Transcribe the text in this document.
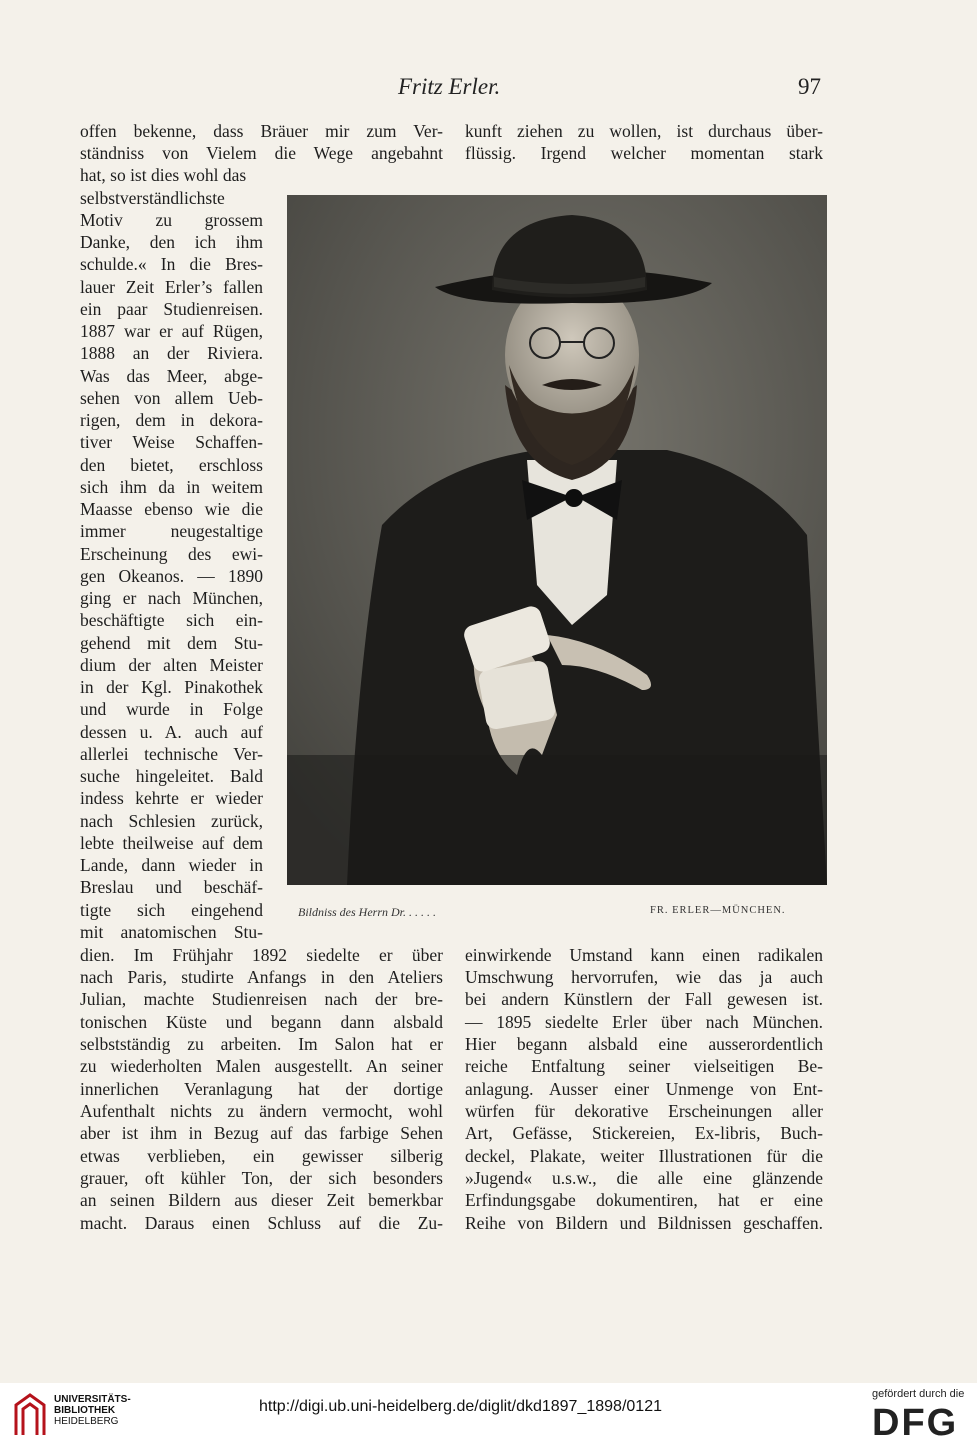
Fritz Erler.	97
offen bekenne, dass Bräuer mir zum Ver-
ständniss von Vielem die Wege angebahnt
hat, so ist dies wohl das
selbstverständlichste
Motiv zu grossem
Danke, den ich ihm
schulde.« In die Bres-
lauer Zeit Erler’s fallen
ein paar Studienreisen.
1887 war er auf Rügen,
1888 an der Riviera.
Was das Meer, abge-
sehen von allem Ueb-
rigen, dem in dekora-
tiver Weise Schaffen-
den bietet, erschloss
sich ihm da in weitem
Maasse ebenso wie die
immer neugestaltige
Erscheinung des ewi-
gen Okeanos. — 1890
ging er nach München,
beschäftigte sich ein-
gehend mit dem Stu-
dium der alten Meister
in der Kgl. Pinakothek
und wurde in Folge
dessen u. A. auch auf
allerlei technische Ver-
suche hingeleitet. Bald
indess kehrte er wieder
nach Schlesien zurück,
lebte theilweise auf dem
Lande, dann wieder in
Breslau und beschäf-
tigte sich eingehend
mit anatomischen Stu-
dien. Im Frühjahr 1892 siedelte er über
nach Paris, studirte Anfangs in den Ateliers
Julian, machte Studienreisen nach der bre-
tonischen Küste und begann dann alsbald
selbstständig zu arbeiten. Im Salon hat er
zu wiederholten Malen ausgestellt. An seiner
innerlichen Veranlagung hat der dortige
Aufenthalt nichts zu ändern vermocht, wohl
aber ist ihm in Bezug auf das farbige Sehen
etwas verblieben, ein gewisser silberig
grauer, oft kühler Ton, der sich besonders
an seinen Bildern aus dieser Zeit bemerkbar
macht. Daraus einen Schluss auf die Zu-
kunft ziehen zu wollen, ist durchaus über-
flüssig. Irgend welcher momentan stark
Bildniss des Herrn Dr. . . . . .	FR. ERLER—MÜNCHEN.
einwirkende Umstand kann einen radikalen
Umschwung hervorrufen, wie das ja auch
bei andern Künstlern der Fall gewesen ist.
— 1895 siedelte Erler über nach München.
Hier begann alsbald eine ausserordentlich
reiche Entfaltung seiner vielseitigen Be-
anlagung. Ausser einer Unmenge von Ent-
würfen für dekorative Erscheinungen aller
Art, Gefässe, Stickereien, Ex-libris, Buch-
deckel, Plakate, weiter Illustrationen für die
»Jugend« u.s.w., die alle eine glänzende
Erfindungsgabe dokumentiren, hat er eine
Reihe von Bildern und Bildnissen geschaffen.
UNIVERSITÄTS-
BIBLIOTHEK
HEIDELBERG
http://digi.ub.uni-heidelberg.de/diglit/dkd1897_1898/0121
gefördert durch die
DFG
